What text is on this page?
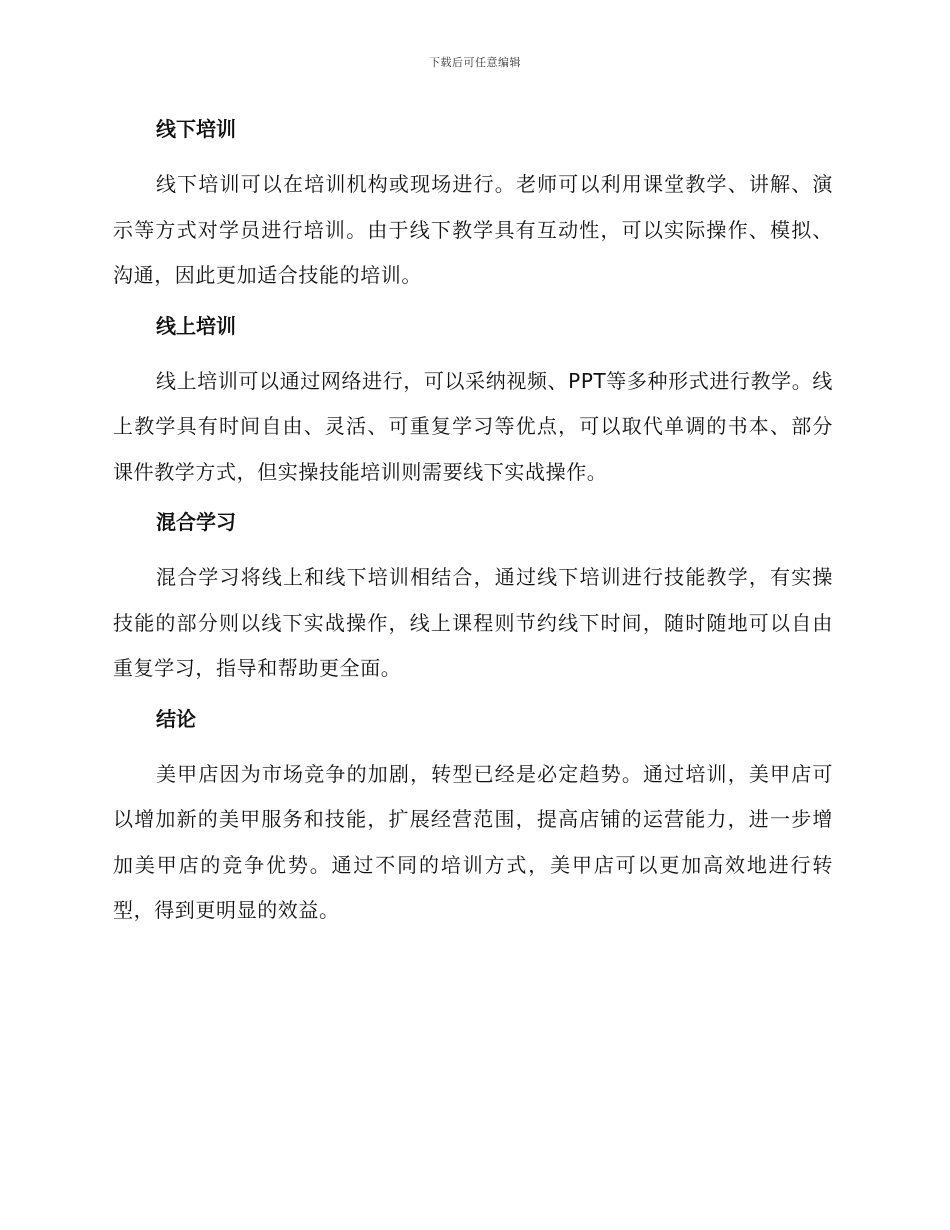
下载后可任意编辑
线下培训

线下培训可以在培训机构或现场进行。老师可以利用课堂教学、讲解、演示等方式对学员进行培训。由于线下教学具有互动性，可以实际操作、模拟、沟通，因此更加适合技能的培训。

线上培训

线上培训可以通过网络进行，可以采纳视频、PPT等多种形式进行教学。线上教学具有时间自由、灵活、可重复学习等优点，可以取代单调的书本、部分课件教学方式，但实操技能培训则需要线下实战操作。

混合学习

混合学习将线上和线下培训相结合，通过线下培训进行技能教学，有实操技能的部分则以线下实战操作，线上课程则节约线下时间，随时随地可以自由重复学习，指导和帮助更全面。

结论

美甲店因为市场竞争的加剧，转型已经是必定趋势。通过培训，美甲店可以增加新的美甲服务和技能，扩展经营范围，提高店铺的运营能力，进一步增加美甲店的竞争优势。通过不同的培训方式，美甲店可以更加高效地进行转型，得到更明显的效益。
